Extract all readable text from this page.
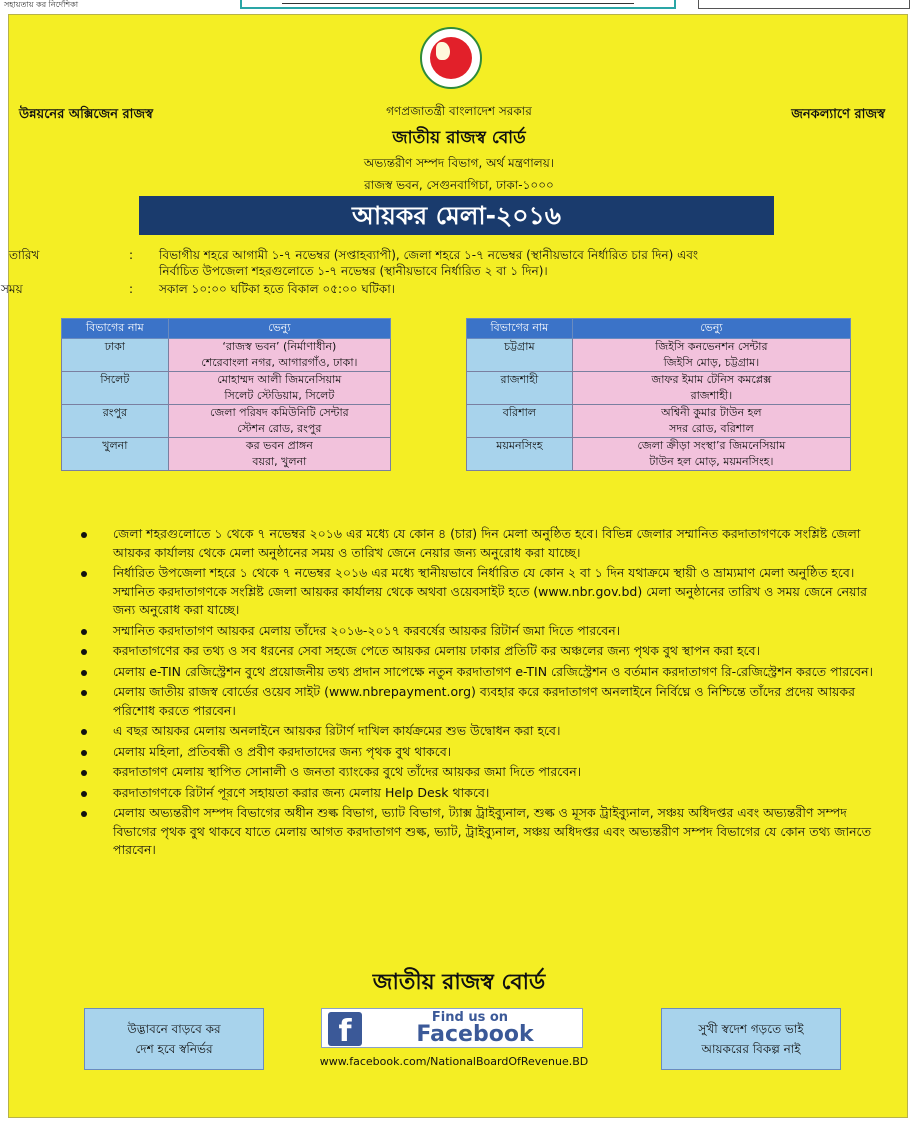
সহায়তায় কর নির্দেশিকা
উন্নয়নের অক্সিজেন রাজস্ব	জনকল্যাণে রাজস্ব
গণপ্রজাতন্ত্রী বাংলাদেশ সরকার
জাতীয় রাজস্ব বোর্ড
অভ্যন্তরীণ সম্পদ বিভাগ, অর্থ মন্ত্রণালয়।
রাজস্ব ভবন, সেগুনবাগিচা, ঢাকা-১০০০
আয়কর মেলা-২০১৬
তারিখ	: বিভাগীয় শহরে আগামী ১-৭ নভেম্বর (সপ্তাহব্যাপী), জেলা শহরে ১-৭ নভেম্বর (স্থানীয়ভাবে নির্ধারিত চার দিন) এবং
নির্বাচিত উপজেলা শহরগুলোতে ১-৭ নভেম্বর (স্থানীয়ভাবে নির্ধারিত ২ বা ১ দিন)।
সময়	: সকাল ১০:০০ ঘটিকা হতে বিকাল ০৫:০০ ঘটিকা।
বিভাগের নাম	ভেন্যু
ঢাকা	‘রাজস্ব ভবন’ (নির্মাণাধীন)
শেরেবাংলা নগর, আগারগাঁও, ঢাকা।
সিলেট	মোহাম্মদ আলী জিমনেসিয়াম
সিলেট স্টেডিয়াম, সিলেট
রংপুর	জেলা পরিষদ কমিউনিটি সেন্টার
স্টেশন রোড, রংপুর
খুলনা	কর ভবন প্রাঙ্গন
বয়রা, খুলনা
বিভাগের নাম	ভেন্যু
চট্টগ্রাম	জিইসি কনভেনশন সেন্টার
জিইসি মোড়, চট্টগ্রাম।
রাজশাহী	জাফর ইমাম টেনিস কমপ্লেক্স
রাজশাহী।
বরিশাল	অশ্বিনী কুমার টাউন হল
সদর রোড, বরিশাল
ময়মনসিংহ	জেলা ক্রীড়া সংস্থা’র জিমনেসিয়াম
টাউন হল মোড়, ময়মনসিংহ।
জেলা শহরগুলোতে ১ থেকে ৭ নভেম্বর ২০১৬ এর মধ্যে যে কোন ৪ (চার) দিন মেলা অনুষ্ঠিত হবে। বিভিন্ন জেলার সম্মানিত করদাতাগণকে সংশ্লিষ্ট জেলা আয়কর কার্যালয় থেকে মেলা অনুষ্ঠানের সময় ও তারিখ জেনে নেয়ার জন্য অনুরোধ করা যাচ্ছে।
নির্ধারিত উপজেলা শহরে ১ থেকে ৭ নভেম্বর ২০১৬ এর মধ্যে স্থানীয়ভাবে নির্ধারিত যে কোন ২ বা ১ দিন যথাক্রমে স্থায়ী ও ভ্রাম্যমাণ মেলা অনুষ্ঠিত হবে। সম্মানিত করদাতাগণকে সংশ্লিষ্ট জেলা আয়কর কার্যালয় থেকে অথবা ওয়েবসাইট হতে (www.nbr.gov.bd) মেলা অনুষ্ঠানের তারিখ ও সময় জেনে নেয়ার জন্য অনুরোধ করা যাচ্ছে।
সম্মানিত করদাতাগণ আয়কর মেলায় তাঁদের ২০১৬-২০১৭ করবর্ষের আয়কর রিটার্ন জমা দিতে পারবেন।
করদাতাগণের কর তথ্য ও সব ধরনের সেবা সহজে পেতে আয়কর মেলায় ঢাকার প্রতিটি কর অঞ্চলের জন্য পৃথক বুথ স্থাপন করা হবে।
মেলায় e-TIN রেজিস্ট্রেশন বুথে প্রয়োজনীয় তথ্য প্রদান সাপেক্ষে নতুন করদাতাগণ e-TIN রেজিস্ট্রেশন ও বর্তমান করদাতাগণ রি-রেজিস্ট্রেশন করতে পারবেন।
মেলায় জাতীয় রাজস্ব বোর্ডের ওয়েব সাইট (www.nbrepayment.org) ব্যবহার করে করদাতাগণ অনলাইনে নির্বিঘ্নে ও নিশ্চিন্তে তাঁদের প্রদেয় আয়কর পরিশোধ করতে পারবেন।
এ বছর আয়কর মেলায় অনলাইনে আয়কর রিটার্ণ দাখিল কার্যক্রমের শুভ উদ্বোধন করা হবে।
মেলায় মহিলা, প্রতিবন্ধী ও প্রবীণ করদাতাদের জন্য পৃথক বুথ থাকবে।
করদাতাগণ মেলায় স্থাপিত সোনালী ও জনতা ব্যাংকের বুথে তাঁদের আয়কর জমা দিতে পারবেন।
করদাতাগণকে রিটার্ন পূরণে সহায়তা করার জন্য মেলায় Help Desk থাকবে।
মেলায় অভ্যন্তরীণ সম্পদ বিভাগের অধীন শুল্ক বিভাগ, ভ্যাট বিভাগ, ট্যাক্স ট্রাইব্যুনাল, শুল্ক ও মূসক ট্রাইব্যুনাল, সঞ্চয় অধিদপ্তর এবং অভ্যন্তরীণ সম্পদ বিভাগের পৃথক বুথ থাকবে যাতে মেলায় আগত করদাতাগণ শুল্ক, ভ্যাট, ট্রাইব্যুনাল, সঞ্চয় অধিদপ্তর এবং অভ্যন্তরীণ সম্পদ বিভাগের যে কোন তথ্য জানতে পারবেন।
জাতীয় রাজস্ব বোর্ড
উদ্ভাবনে বাড়বে কর
দেশ হবে স্বনির্ভর	f	Find us on
Facebook
www.facebook.com/NationalBoardOfRevenue.BD
সুখী স্বদেশ গড়তে ভাই
আয়করের বিকল্প নাই
